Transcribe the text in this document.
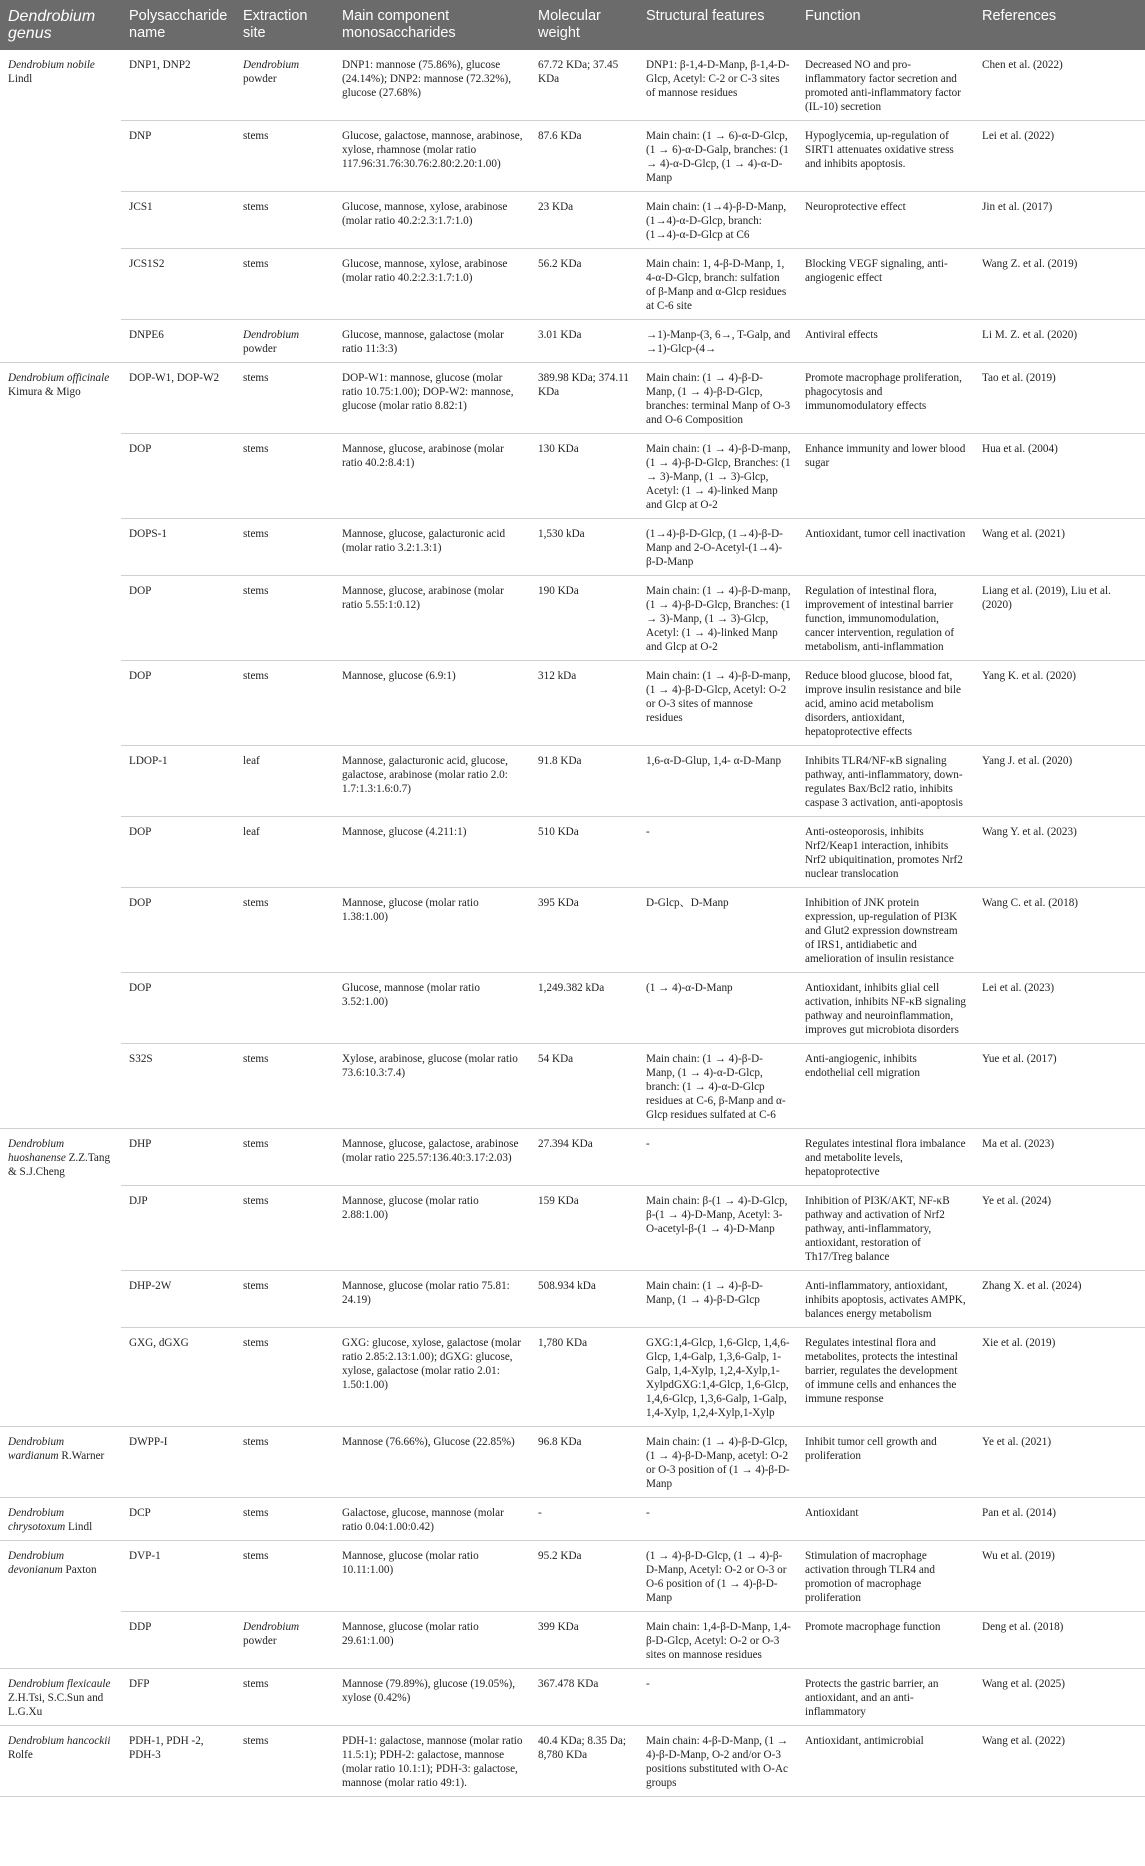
Dendrobium genus	Polysaccharide name	Extraction site	Main component monosaccharides	Molecular weight	Structural features	Function	References
Dendrobium nobile Lindl	DNP1, DNP2	Dendrobium powder	DNP1: mannose (75.86%), glucose (24.14%); DNP2: mannose (72.32%), glucose (27.68%)	67.72 KDa; 37.45 KDa	DNP1: β-1,4-D-Manp, β-1,4-D-Glcp, Acetyl: C-2 or C-3 sites of mannose residues	Decreased NO and pro-inflammatory factor secretion and promoted anti-inflammatory factor (IL-10) secretion	Chen et al. (2022)
	DNP	stems	Glucose, galactose, mannose, arabinose, xylose, rhamnose (molar ratio 117.96:31.76:30.76:2.80:2.20:1.00)	87.6 KDa	Main chain: (1 → 6)-α-D-Glcp, (1 → 6)-α-D-Galp, branches: (1 → 4)-α-D-Glcp, (1 → 4)-α-D-Manp	Hypoglycemia, up-regulation of SIRT1 attenuates oxidative stress and inhibits apoptosis.	Lei et al. (2022)
	JCS1	stems	Glucose, mannose, xylose, arabinose (molar ratio 40.2:2.3:1.7:1.0)	23 KDa	Main chain: (1→4)-β-D-Manp, (1→4)-α-D-Glcp, branch: (1→4)-α-D-Glcp at C6	Neuroprotective effect	Jin et al. (2017)
	JCS1S2	stems	Glucose, mannose, xylose, arabinose (molar ratio 40.2:2.3:1.7:1.0)	56.2 KDa	Main chain: 1, 4-β-D-Manp, 1, 4-α-D-Glcp, branch: sulfation of β-Manp and α-Glcp residues at C-6 site	Blocking VEGF signaling, anti-angiogenic effect	Wang Z. et al. (2019)
	DNPE6	Dendrobium powder	Glucose, mannose, galactose (molar ratio 11:3:3)	3.01 KDa	→1)-Manp-(3, 6→, T-Galp, and →1)-Glcp-(4→	Antiviral effects	Li M. Z. et al. (2020)
Dendrobium officinale Kimura & Migo	DOP-W1, DOP-W2	stems	DOP-W1: mannose, glucose (molar ratio 10.75:1.00); DOP-W2: mannose, glucose (molar ratio 8.82:1)	389.98 KDa; 374.11 KDa	Main chain: (1 → 4)-β-D-Manp, (1 → 4)-β-D-Glcp, branches: terminal Manp of O-3 and O-6 Composition	Promote macrophage proliferation, phagocytosis and immunomodulatory effects	Tao et al. (2019)
	DOP	stems	Mannose, glucose, arabinose (molar ratio 40.2:8.4:1)	130 KDa	Main chain: (1 → 4)-β-D-manp, (1 → 4)-β-D-Glcp, Branches: (1 → 3)-Manp, (1 → 3)-Glcp, Acetyl: (1 → 4)-linked Manp and Glcp at O-2	Enhance immunity and lower blood sugar	Hua et al. (2004)
	DOPS-1	stems	Mannose, glucose, galacturonic acid (molar ratio 3.2:1.3:1)	1,530 kDa	(1→4)-β-D-Glcp, (1→4)-β-D-Manp and 2-O-Acetyl-(1→4)-β-D-Manp	Antioxidant, tumor cell inactivation	Wang et al. (2021)
	DOP	stems	Mannose, glucose, arabinose (molar ratio 5.55:1:0.12)	190 KDa	Main chain: (1 → 4)-β-D-manp, (1 → 4)-β-D-Glcp, Branches: (1 → 3)-Manp, (1 → 3)-Glcp, Acetyl: (1 → 4)-linked Manp and Glcp at O-2	Regulation of intestinal flora, improvement of intestinal barrier function, immunomodulation, cancer intervention, regulation of metabolism, anti-inflammation	Liang et al. (2019), Liu et al. (2020)
	DOP	stems	Mannose, glucose (6.9:1)	312 kDa	Main chain: (1 → 4)-β-D-manp, (1 → 4)-β-D-Glcp, Acetyl: O-2 or O-3 sites of mannose residues	Reduce blood glucose, blood fat, improve insulin resistance and bile acid, amino acid metabolism disorders, antioxidant, hepatoprotective effects	Yang K. et al. (2020)
	LDOP-1	leaf	Mannose, galacturonic acid, glucose, galactose, arabinose (molar ratio 2.0: 1.7:1.3:1.6:0.7)	91.8 KDa	1,6-α-D-Glup, 1,4- α-D-Manp	Inhibits TLR4/NF-κB signaling pathway, anti-inflammatory, down-regulates Bax/Bcl2 ratio, inhibits caspase 3 activation, anti-apoptosis	Yang J. et al. (2020)
	DOP	leaf	Mannose, glucose (4.211:1)	510 KDa	-	Anti-osteoporosis, inhibits Nrf2/Keap1 interaction, inhibits Nrf2 ubiquitination, promotes Nrf2 nuclear translocation	Wang Y. et al. (2023)
	DOP	stems	Mannose, glucose (molar ratio 1.38:1.00)	395 KDa	D-Glcp、D-Manp	Inhibition of JNK protein expression, up-regulation of PI3K and Glut2 expression downstream of IRS1, antidiabetic and amelioration of insulin resistance	Wang C. et al. (2018)
	DOP		Glucose, mannose (molar ratio 3.52:1.00)	1,249.382 kDa	(1 → 4)-α-D-Manp	Antioxidant, inhibits glial cell activation, inhibits NF-κB signaling pathway and neuroinflammation, improves gut microbiota disorders	Lei et al. (2023)
	S32S	stems	Xylose, arabinose, glucose (molar ratio 73.6:10.3:7.4)	54 KDa	Main chain: (1 → 4)-β-D-Manp, (1 → 4)-α-D-Glcp, branch: (1 → 4)-α-D-Glcp residues at C-6, β-Manp and α-Glcp residues sulfated at C-6	Anti-angiogenic, inhibits endothelial cell migration	Yue et al. (2017)
Dendrobium huoshanense Z.Z.Tang & S.J.Cheng	DHP	stems	Mannose, glucose, galactose, arabinose (molar ratio 225.57:136.40:3.17:2.03)	27.394 KDa	-	Regulates intestinal flora imbalance and metabolite levels, hepatoprotective	Ma et al. (2023)
	DJP	stems	Mannose, glucose (molar ratio 2.88:1.00)	159 KDa	Main chain: β-(1 → 4)-D-Glcp, β-(1 → 4)-D-Manp, Acetyl: 3-O-acetyl-β-(1 → 4)-D-Manp	Inhibition of PI3K/AKT, NF-κB pathway and activation of Nrf2 pathway, anti-inflammatory, antioxidant, restoration of Th17/Treg balance	Ye et al. (2024)
	DHP-2W	stems	Mannose, glucose (molar ratio 75.81: 24.19)	508.934 kDa	Main chain: (1 → 4)-β-D-Manp, (1 → 4)-β-D-Glcp	Anti-inflammatory, antioxidant, inhibits apoptosis, activates AMPK, balances energy metabolism	Zhang X. et al. (2024)
	GXG, dGXG	stems	GXG: glucose, xylose, galactose (molar ratio 2.85:2.13:1.00); dGXG: glucose, xylose, galactose (molar ratio 2.01: 1.50:1.00)	1,780 KDa	GXG:1,4-Glcp, 1,6-Glcp, 1,4,6-Glcp, 1,4-Galp, 1,3,6-Galp, 1-Galp, 1,4-Xylp, 1,2,4-Xylp,1-XylpdGXG:1,4-Glcp, 1,6-Glcp, 1,4,6-Glcp, 1,3,6-Galp, 1-Galp, 1,4-Xylp, 1,2,4-Xylp,1-Xylp	Regulates intestinal flora and metabolites, protects the intestinal barrier, regulates the development of immune cells and enhances the immune response	Xie et al. (2019)
Dendrobium wardianum R.Warner	DWPP-I	stems	Mannose (76.66%), Glucose (22.85%)	96.8 KDa	Main chain: (1 → 4)-β-D-Glcp, (1 → 4)-β-D-Manp, acetyl: O-2 or O-3 position of (1 → 4)-β-D-Manp	Inhibit tumor cell growth and proliferation	Ye et al. (2021)
Dendrobium chrysotoxum Lindl	DCP	stems	Galactose, glucose, mannose (molar ratio 0.04:1.00:0.42)	-	-	Antioxidant	Pan et al. (2014)
Dendrobium devonianum Paxton	DVP-1	stems	Mannose, glucose (molar ratio 10.11:1.00)	95.2 KDa	(1 → 4)-β-D-Glcp, (1 → 4)-β-D-Manp, Acetyl: O-2 or O-3 or O-6 position of (1 → 4)-β-D-Manp	Stimulation of macrophage activation through TLR4 and promotion of macrophage proliferation	Wu et al. (2019)
	DDP	Dendrobium powder	Mannose, glucose (molar ratio 29.61:1.00)	399 KDa	Main chain: 1,4-β-D-Manp, 1,4-β-D-Glcp, Acetyl: O-2 or O-3 sites on mannose residues	Promote macrophage function	Deng et al. (2018)
Dendrobium flexicaule Z.H.Tsi, S.C.Sun and L.G.Xu	DFP	stems	Mannose (79.89%), glucose (19.05%), xylose (0.42%)	367.478 KDa	-	Protects the gastric barrier, an antioxidant, and an anti-inflammatory	Wang et al. (2025)
Dendrobium hancockii Rolfe	PDH-1, PDH -2, PDH-3	stems	PDH-1: galactose, mannose (molar ratio 11.5:1); PDH-2: galactose, mannose (molar ratio 10.1:1); PDH-3: galactose, mannose (molar ratio 49:1).	40.4 KDa; 8.35 Da; 8,780 KDa	Main chain: 4-β-D-Manp, (1 → 4)-β-D-Manp, O-2 and/or O-3 positions substituted with O-Ac groups	Antioxidant, antimicrobial	Wang et al. (2022)
